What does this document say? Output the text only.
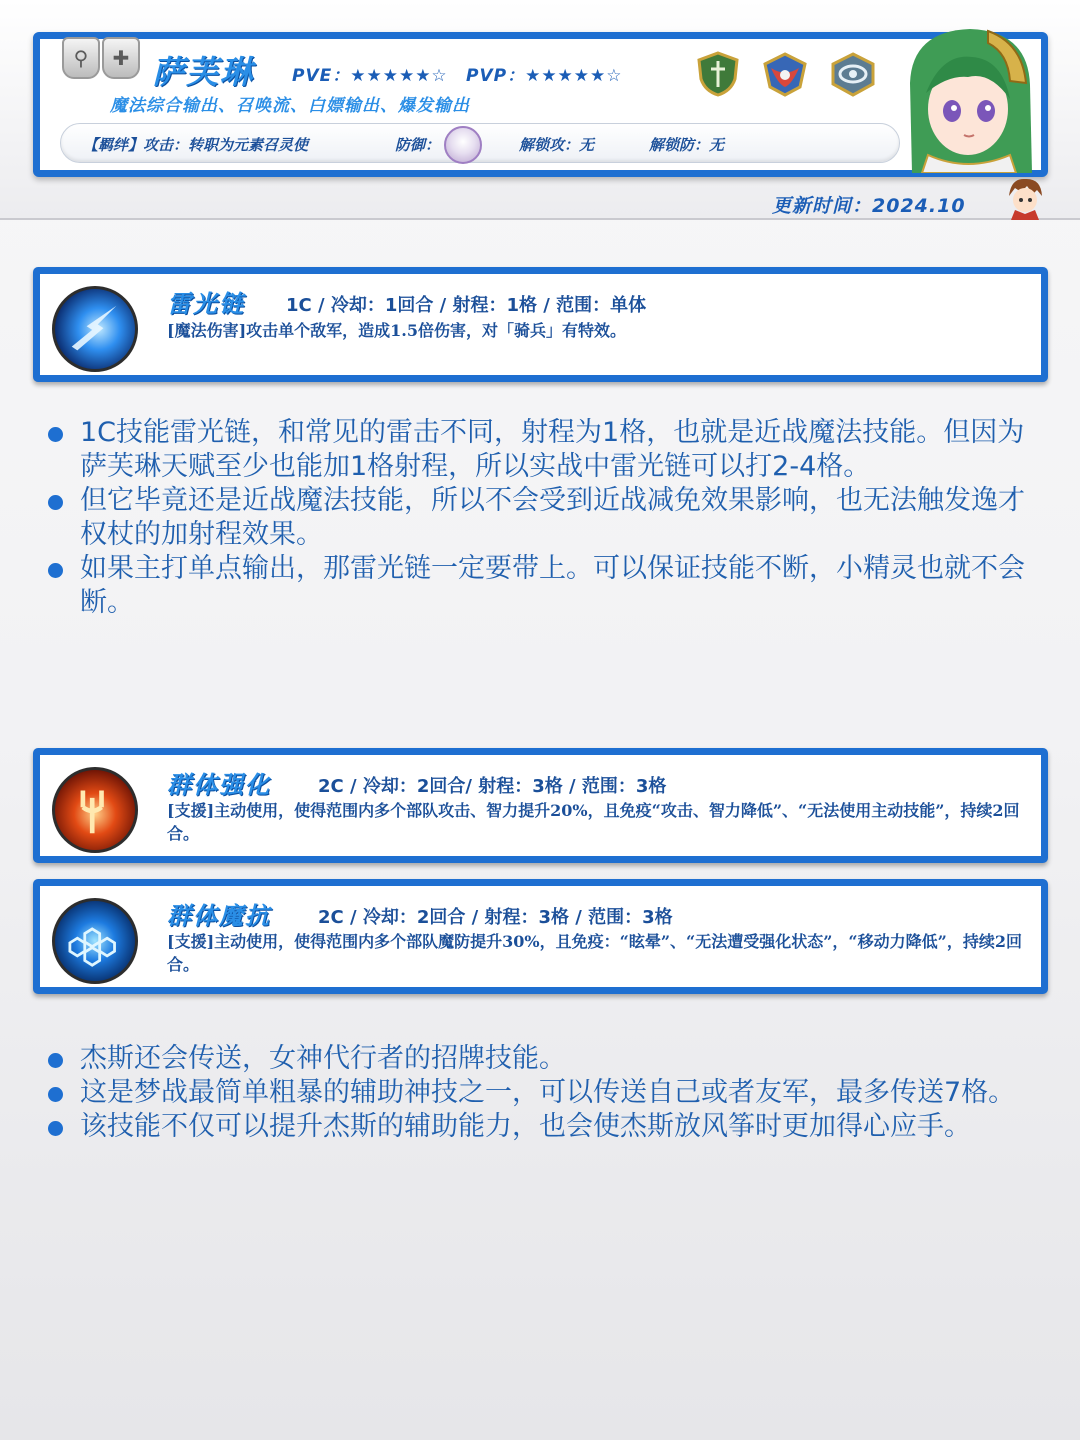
⚲	✚ 萨芙琳 PVE：★★★★★☆ PVP：★★★★★☆
魔法综合输出、召唤流、白嫖输出、爆发输出
【羁绊】攻击：转职为元素召灵使	防御：	解锁攻：无	解锁防：无
更新时间：2024.10
雷光链 1C / 冷却：1回合 / 射程：1格 / 范围：单体
[魔法伤害]攻击单个敌军，造成1.5倍伤害，对「骑兵」有特效。
1C技能雷光链，和常见的雷击不同，射程为1格，也就是近战魔法技能。但因为萨芙琳天赋至少也能加1格射程，所以实战中雷光链可以打2-4格。
但它毕竟还是近战魔法技能，所以不会受到近战减免效果影响，也无法触发逸才权杖的加射程效果。
如果主打单点输出，那雷光链一定要带上。可以保证技能不断，小精灵也就不会断。
群体强化	2C / 冷却：2回合/ 射程：3格 / 范围：3格
[支援]主动使用，使得范围内多个部队攻击、智力提升20%，且免疫“攻击、智力降低”、“无法使用主动技能”，持续2回合。
群体魔抗	2C / 冷却：2回合 / 射程：3格 / 范围：3格
[支援]主动使用，使得范围内多个部队魔防提升30%，且免疫：“眩晕”、“无法遭受强化状态”，“移动力降低”，持续2回合。
杰斯还会传送，女神代行者的招牌技能。
这是梦战最简单粗暴的辅助神技之一，可以传送自己或者友军，最多传送7格。
该技能不仅可以提升杰斯的辅助能力，也会使杰斯放风筝时更加得心应手。
